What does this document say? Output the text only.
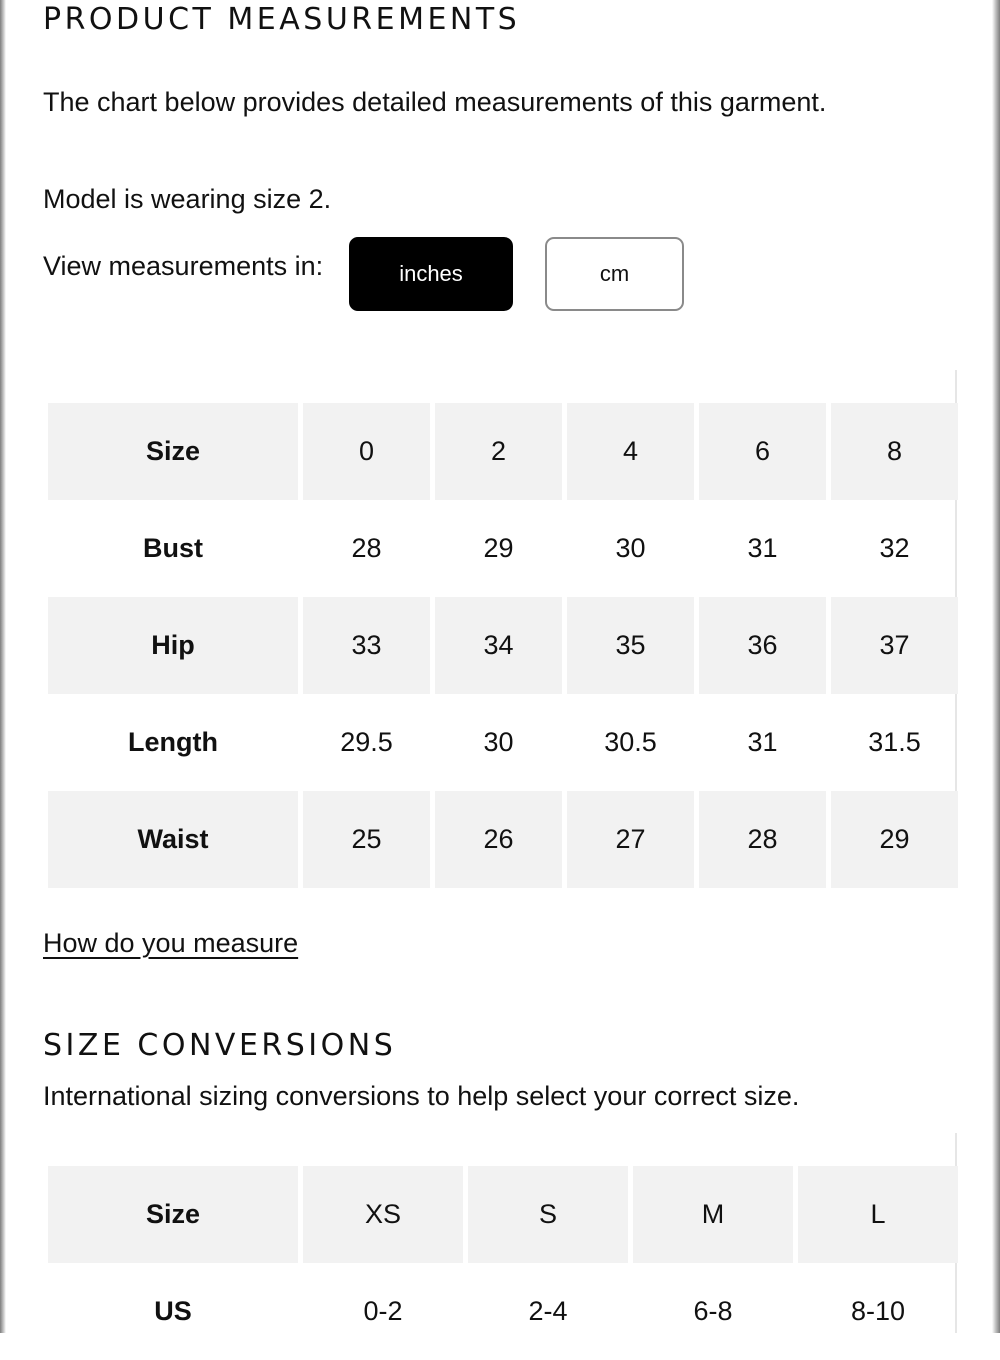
PRODUCT MEASUREMENTS

The chart below provides detailed measurements of this garment.

Model is wearing size 2.

View measurements in:	inches	cm
Size	0	2	4	6	8
Bust	28	29	30	31	32
Hip	33	34	35	36	37
Length	29.5	30	30.5	31	31.5
Waist	25	26	27	28	29
How do you measure
SIZE CONVERSIONS

International sizing conversions to help select your correct size.

Size	XS	S	M	L
US	0-2	2-4	6-8	8-10
